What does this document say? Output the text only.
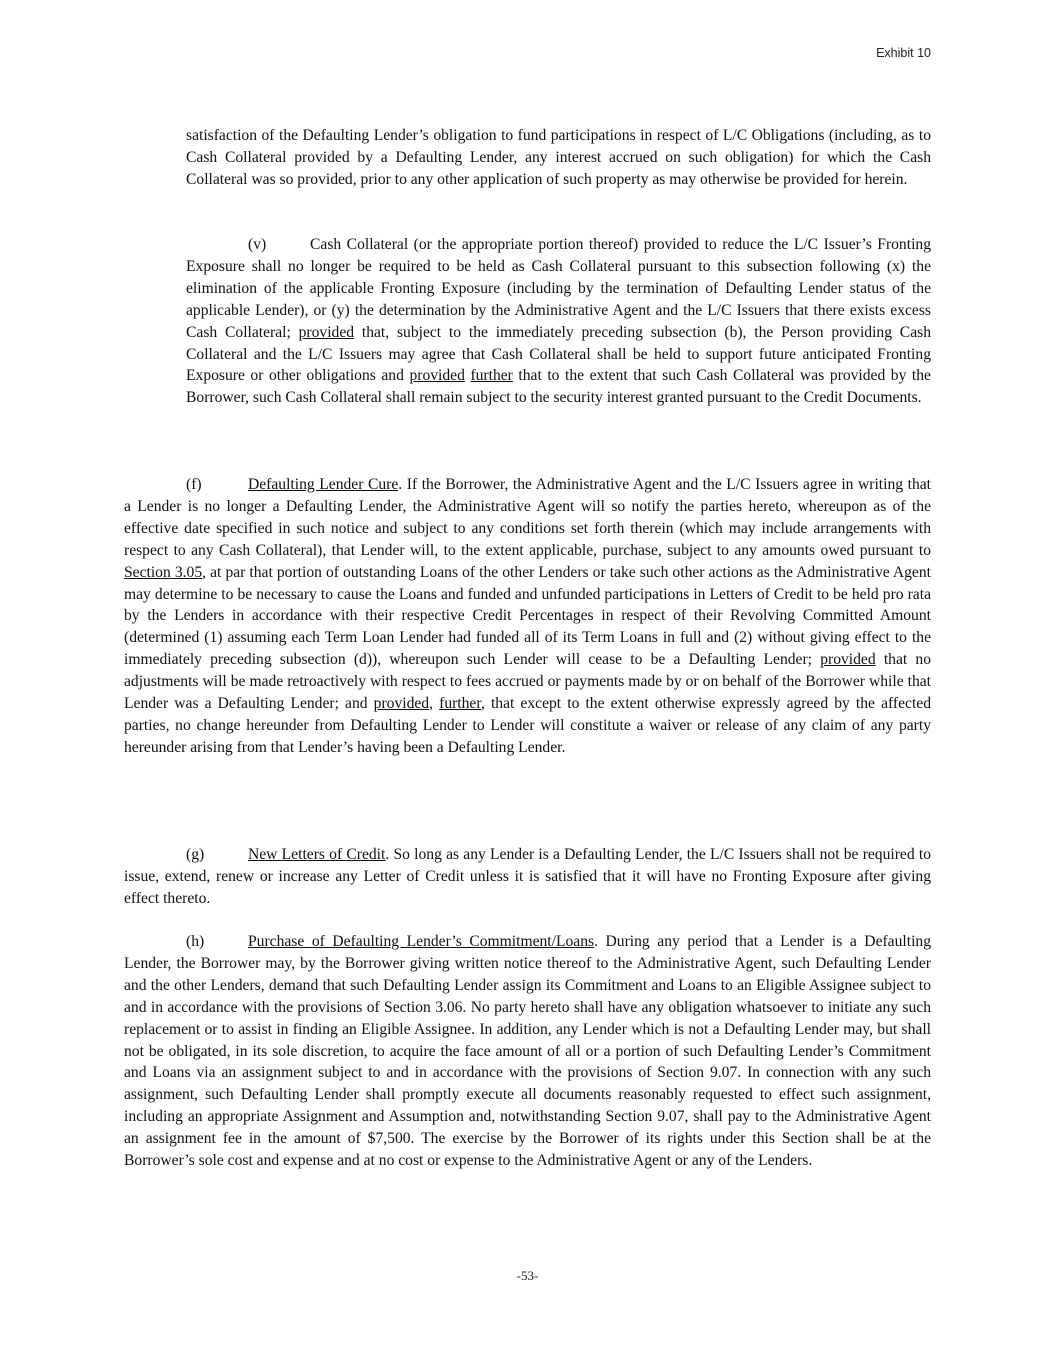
Exhibit 10

satisfaction of the Defaulting Lender’s obligation to fund participations in respect of L/C Obligations (including, as to Cash Collateral provided by a Defaulting Lender, any interest accrued on such obligation) for which the Cash Collateral was so provided, prior to any other application of such property as may otherwise be provided for herein.

(v)	Cash Collateral (or the appropriate portion thereof) provided to reduce the L/C Issuer’s Fronting Exposure shall no longer be required to be held as Cash Collateral pursuant to this subsection following (x) the elimination of the applicable Fronting Exposure (including by the termination of Defaulting Lender status of the applicable Lender), or (y) the determination by the Administrative Agent and the L/C Issuers that there exists excess Cash Collateral; provided that, subject to the immediately preceding subsection (b), the Person providing Cash Collateral and the L/C Issuers may agree that Cash Collateral shall be held to support future anticipated Fronting Exposure or other obligations and provided further that to the extent that such Cash Collateral was provided by the Borrower, such Cash Collateral shall remain subject to the security interest granted pursuant to the Credit Documents.

(f)	Defaulting Lender Cure. If the Borrower, the Administrative Agent and the L/C Issuers agree in writing that a Lender is no longer a Defaulting Lender, the Administrative Agent will so notify the parties hereto, whereupon as of the effective date specified in such notice and subject to any conditions set forth therein (which may include arrangements with respect to any Cash Collateral), that Lender will, to the extent applicable, purchase, subject to any amounts owed pursuant to Section 3.05, at par that portion of outstanding Loans of the other Lenders or take such other actions as the Administrative Agent may determine to be necessary to cause the Loans and funded and unfunded participations in Letters of Credit to be held pro rata by the Lenders in accordance with their respective Credit Percentages in respect of their Revolving Committed Amount (determined (1) assuming each Term Loan Lender had funded all of its Term Loans in full and (2) without giving effect to the immediately preceding subsection (d)), whereupon such Lender will cease to be a Defaulting Lender; provided that no adjustments will be made retroactively with respect to fees accrued or payments made by or on behalf of the Borrower while that Lender was a Defaulting Lender; and provided, further, that except to the extent otherwise expressly agreed by the affected parties, no change hereunder from Defaulting Lender to Lender will constitute a waiver or release of any claim of any party hereunder arising from that Lender’s having been a Defaulting Lender.

(g)	New Letters of Credit. So long as any Lender is a Defaulting Lender, the L/C Issuers shall not be required to issue, extend, renew or increase any Letter of Credit unless it is satisfied that it will have no Fronting Exposure after giving effect thereto.

(h)	Purchase of Defaulting Lender’s Commitment/Loans. During any period that a Lender is a Defaulting Lender, the Borrower may, by the Borrower giving written notice thereof to the Administrative Agent, such Defaulting Lender and the other Lenders, demand that such Defaulting Lender assign its Commitment and Loans to an Eligible Assignee subject to and in accordance with the provisions of Section 3.06. No party hereto shall have any obligation whatsoever to initiate any such replacement or to assist in finding an Eligible Assignee. In addition, any Lender which is not a Defaulting Lender may, but shall not be obligated, in its sole discretion, to acquire the face amount of all or a portion of such Defaulting Lender’s Commitment and Loans via an assignment subject to and in accordance with the provisions of Section 9.07. In connection with any such assignment, such Defaulting Lender shall promptly execute all documents reasonably requested to effect such assignment, including an appropriate Assignment and Assumption and, notwithstanding Section 9.07, shall pay to the Administrative Agent an assignment fee in the amount of $7,500. The exercise by the Borrower of its rights under this Section shall be at the Borrower’s sole cost and expense and at no cost or expense to the Administrative Agent or any of the Lenders.

-53-
